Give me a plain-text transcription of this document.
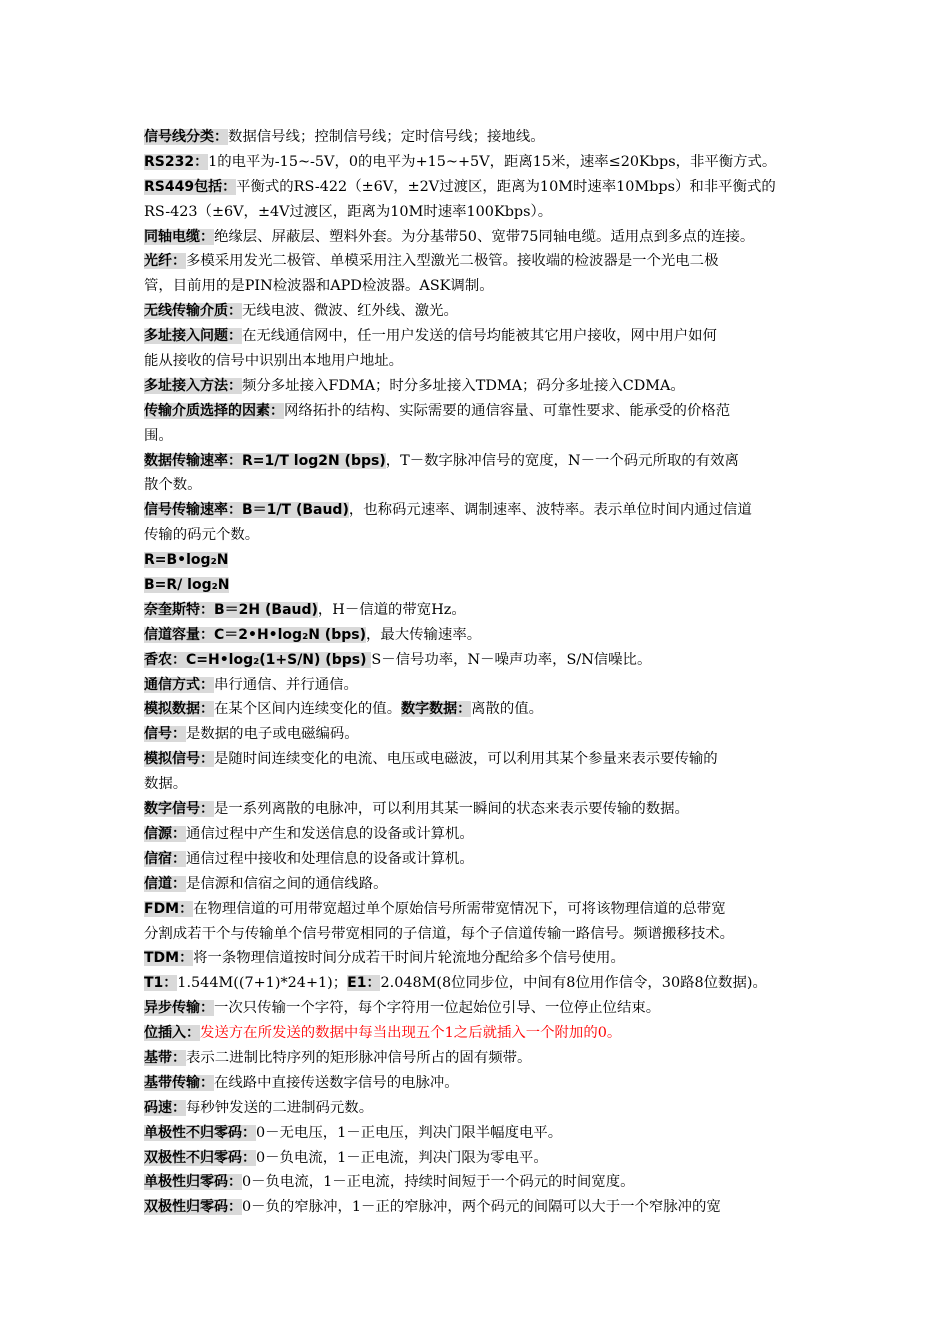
信号线分类：数据信号线；控制信号线；定时信号线；接地线。
RS232：1的电平为-15~-5V，0的电平为+15~+5V，距离15米，速率≤20Kbps，非平衡方式。
RS449包括：平衡式的RS-422（±6V，±2V过渡区，距离为10M时速率10Mbps）和非平衡式的
RS-423（±6V，±4V过渡区，距离为10M时速率100Kbps）。
同轴电缆：绝缘层、屏蔽层、塑料外套。为分基带50、宽带75同轴电缆。适用点到多点的连接。
光纤：多模采用发光二极管、单模采用注入型激光二极管。接收端的检波器是一个光电二极
管，目前用的是PIN检波器和APD检波器。ASK调制。
无线传输介质：无线电波、微波、红外线、激光。
多址接入问题：在无线通信网中，任一用户发送的信号均能被其它用户接收，网中用户如何
能从接收的信号中识别出本地用户地址。
多址接入方法：频分多址接入FDMA；时分多址接入TDMA；码分多址接入CDMA。
传输介质选择的因素：网络拓扑的结构、实际需要的通信容量、可靠性要求、能承受的价格范
围。
数据传输速率：R=1/T log2N (bps)，T－数字脉冲信号的宽度，N－一个码元所取的有效离
散个数。
信号传输速率：B＝1/T (Baud)，也称码元速率、调制速率、波特率。表示单位时间内通过信道
传输的码元个数。
R=B•log₂N
B=R/ log₂N
奈奎斯特：B＝2H (Baud)，H－信道的带宽Hz。
信道容量：C＝2•H•log₂N (bps)，最大传输速率。
香农：C=H•log₂(1+S/N) (bps) S－信号功率，N－噪声功率，S/N信噪比。
通信方式：串行通信、并行通信。
模拟数据：在某个区间内连续变化的值。数字数据：离散的值。
信号：是数据的电子或电磁编码。
模拟信号：是随时间连续变化的电流、电压或电磁波，可以利用其某个参量来表示要传输的
数据。
数字信号：是一系列离散的电脉冲，可以利用其某一瞬间的状态来表示要传输的数据。
信源：通信过程中产生和发送信息的设备或计算机。
信宿：通信过程中接收和处理信息的设备或计算机。
信道：是信源和信宿之间的通信线路。
FDM：在物理信道的可用带宽超过单个原始信号所需带宽情况下，可将该物理信道的总带宽
分割成若干个与传输单个信号带宽相同的子信道，每个子信道传输一路信号。频谱搬移技术。
TDM：将一条物理信道按时间分成若干时间片轮流地分配给多个信号使用。
T1：1.544M((7+1)*24+1)；E1：2.048M(8位同步位，中间有8位用作信令，30路8位数据)。
异步传输：一次只传输一个字符，每个字符用一位起始位引导、一位停止位结束。
位插入：发送方在所发送的数据中每当出现五个1之后就插入一个附加的0。
基带：表示二进制比特序列的矩形脉冲信号所占的固有频带。
基带传输：在线路中直接传送数字信号的电脉冲。
码速：每秒钟发送的二进制码元数。
单极性不归零码：0－无电压，1－正电压，判决门限半幅度电平。
双极性不归零码：0－负电流，1－正电流，判决门限为零电平。
单极性归零码：0－负电流，1－正电流，持续时间短于一个码元的时间宽度。
双极性归零码：0－负的窄脉冲，1－正的窄脉冲，两个码元的间隔可以大于一个窄脉冲的宽
